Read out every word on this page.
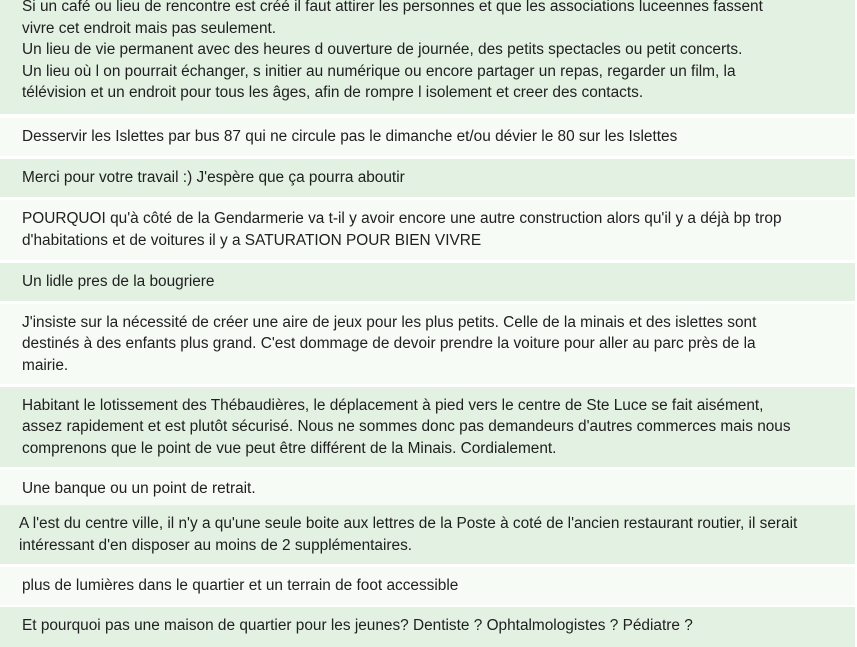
Si un café ou lieu de rencontre est créé il faut attirer les personnes et que les associations luceennes fassent
vivre cet endroit mais pas seulement.
Un lieu de vie permanent avec des heures d ouverture de journée, des petits spectacles ou petit concerts.
Un lieu où l on pourrait échanger, s initier au numérique ou encore partager un repas, regarder un film, la
télévision et un endroit pour tous les âges, afin de rompre l isolement et creer des contacts.

Desservir les Islettes par bus 87 qui ne circule pas le dimanche et/ou dévier le 80 sur les Islettes

Merci pour votre travail :) J'espère que ça pourra aboutir

POURQUOI qu'à côté de la Gendarmerie va t-il y avoir encore une autre construction alors qu'il y a déjà bp trop
d'habitations et de voitures il y a SATURATION POUR BIEN VIVRE

Un lidle pres de la bougriere

J'insiste sur la nécessité de créer une aire de jeux pour les plus petits. Celle de la minais et des islettes sont
destinés à des enfants plus grand. C'est dommage de devoir prendre la voiture pour aller au parc près de la
mairie.

Habitant le lotissement des Thébaudières, le déplacement à pied vers le centre de Ste Luce se fait aisément,
assez rapidement et est plutôt sécurisé. Nous ne sommes donc pas demandeurs d'autres commerces mais nous
comprenons que le point de vue peut être différent de la Minais. Cordialement.

Une banque ou un point de retrait.

A l'est du centre ville, il n'y a qu'une seule boite aux lettres de la Poste à coté de l'ancien restaurant routier, il serait
intéressant d'en disposer au moins de 2 supplémentaires.

plus de lumières dans le quartier et un terrain de foot accessible

Et pourquoi pas une maison de quartier pour les jeunes? Dentiste ? Ophtalmologistes ? Pédiatre ?
